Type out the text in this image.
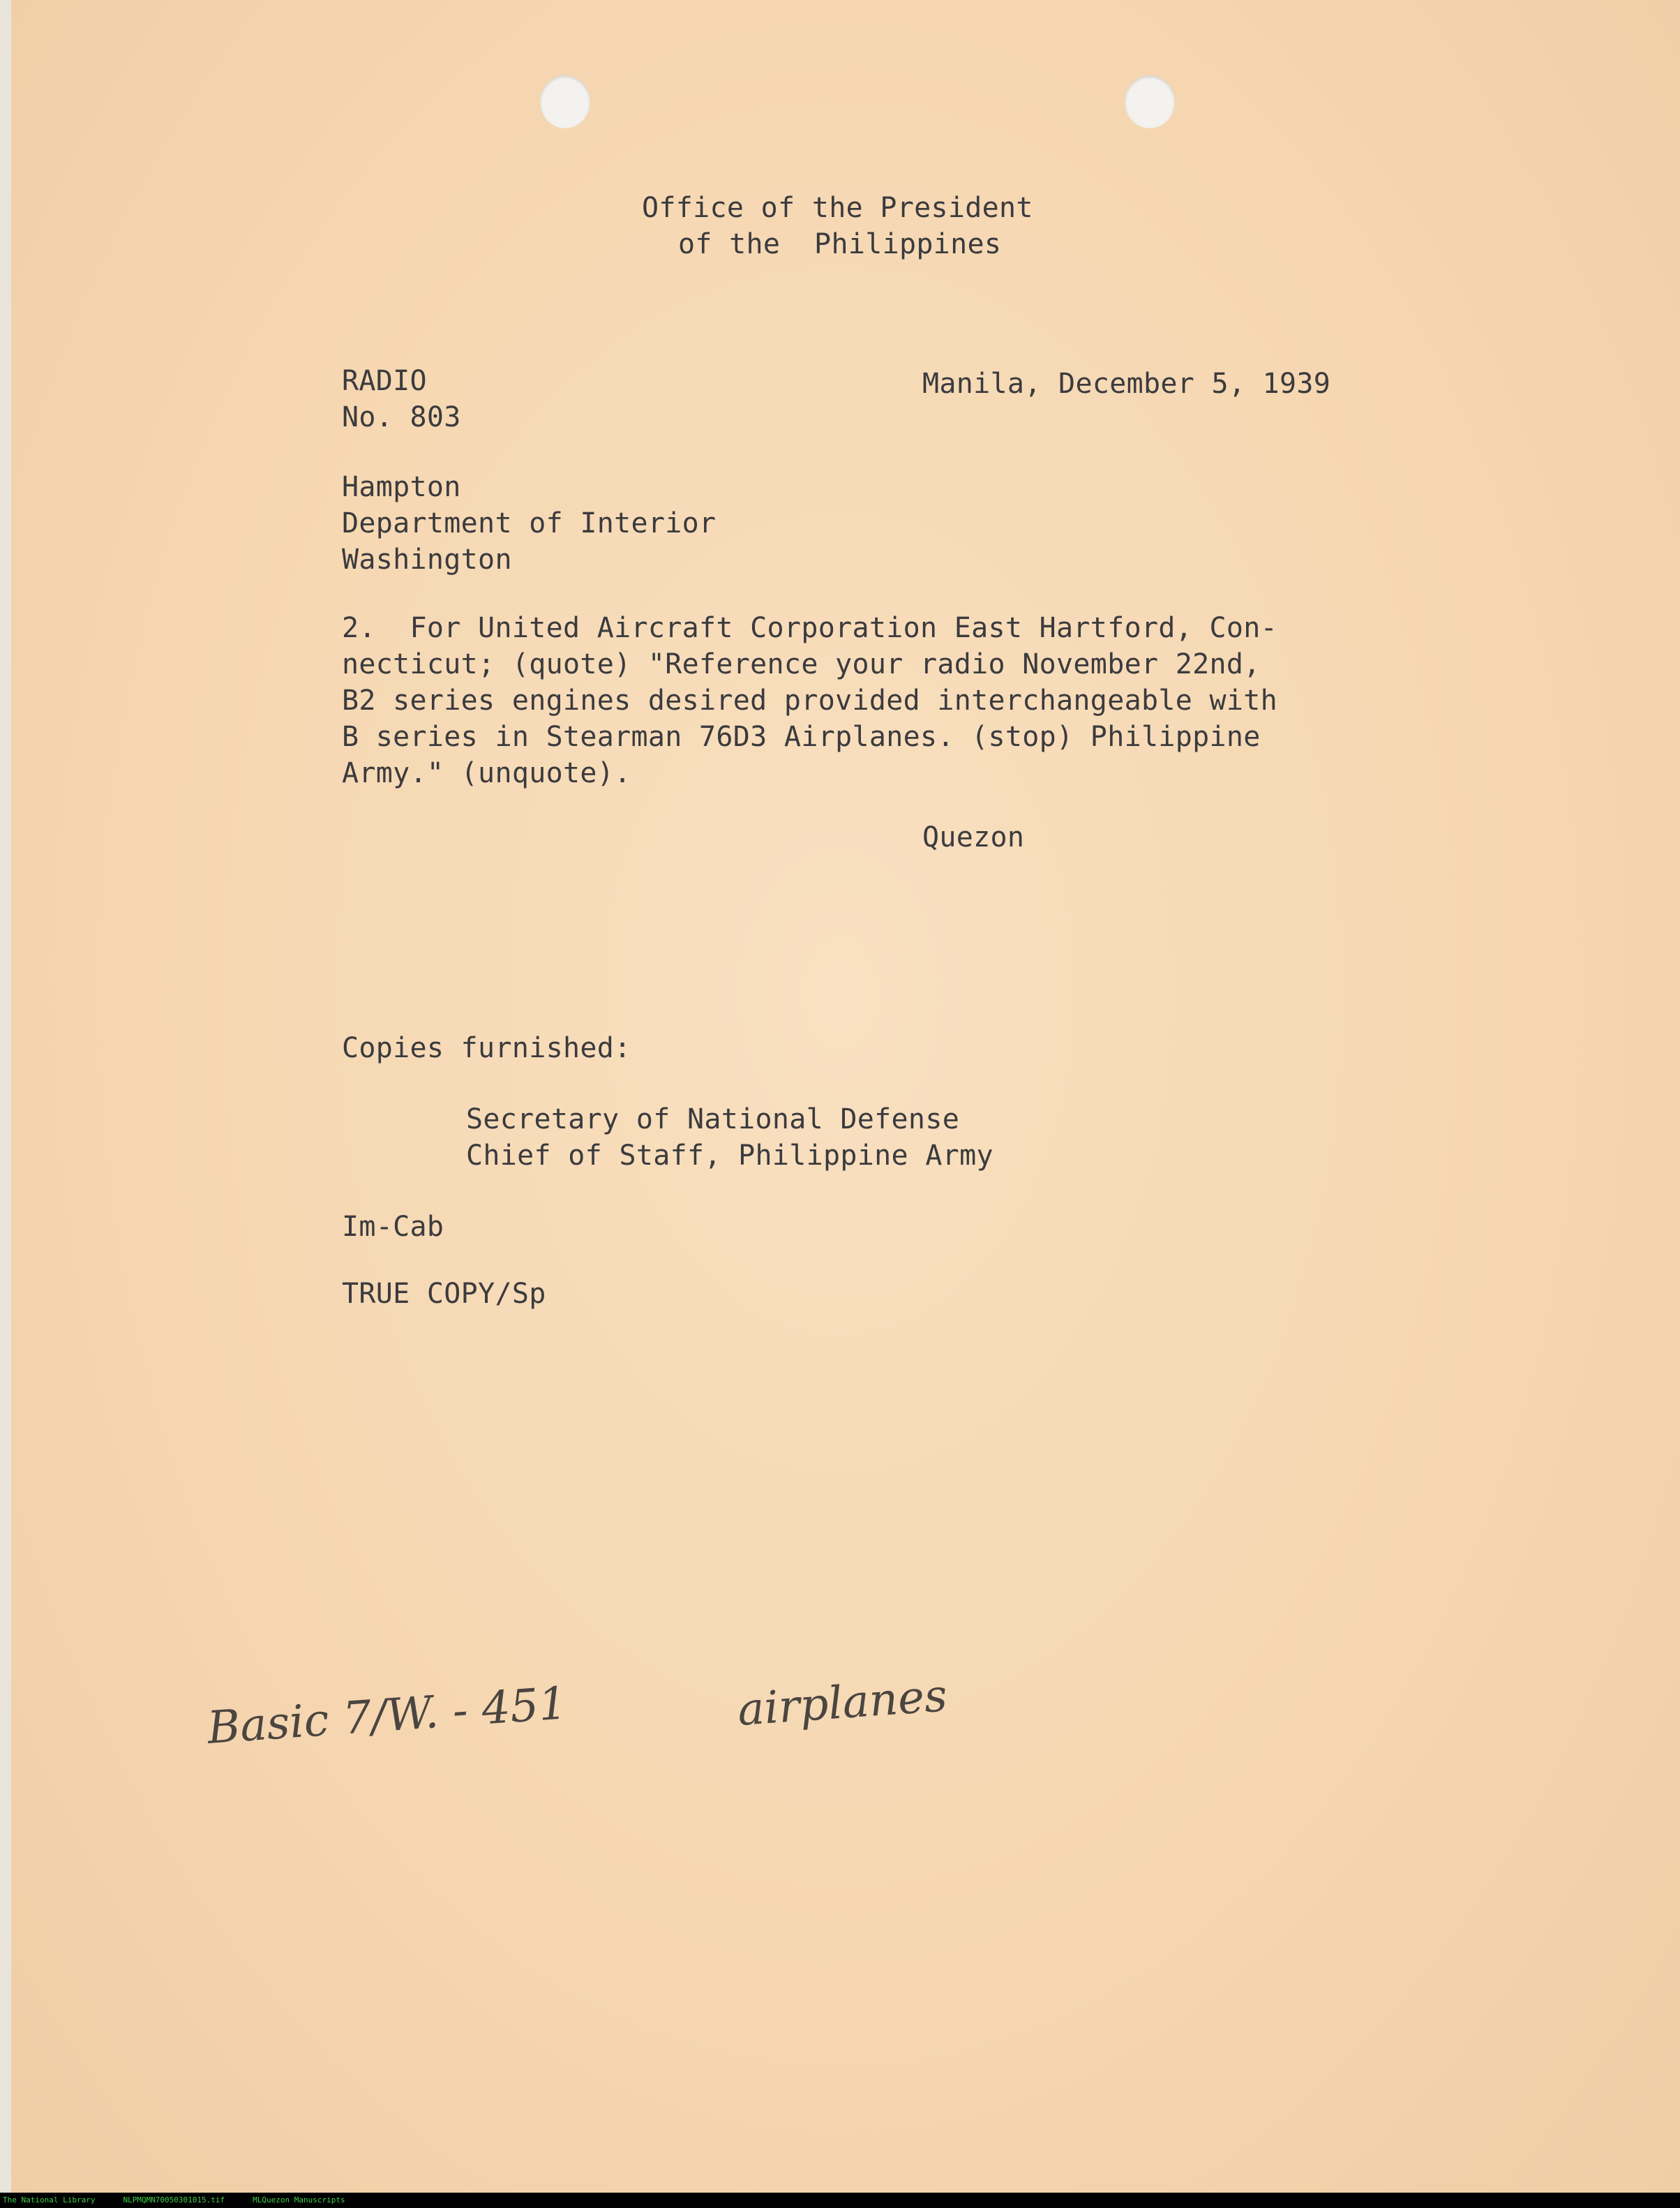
Office of the President
of the  Philippines
RADIO
No. 803
Manila, December 5, 1939
Hampton
Department of Interior
Washington
2.  For United Aircraft Corporation East Hartford, Con-
necticut; (quote) "Reference your radio November 22nd,
B2 series engines desired provided interchangeable with
B series in Stearman 76D3 Airplanes. (stop) Philippine
Army." (unquote).
Quezon
Copies furnished:
Secretary of National Defense
Chief of Staff, Philippine Army
Im-Cab
TRUE COPY/Sp
Basic 7/W. - 451	airplanes
The National Library	NLPMQMN70050301015.tif	MLQuezon Manuscripts
